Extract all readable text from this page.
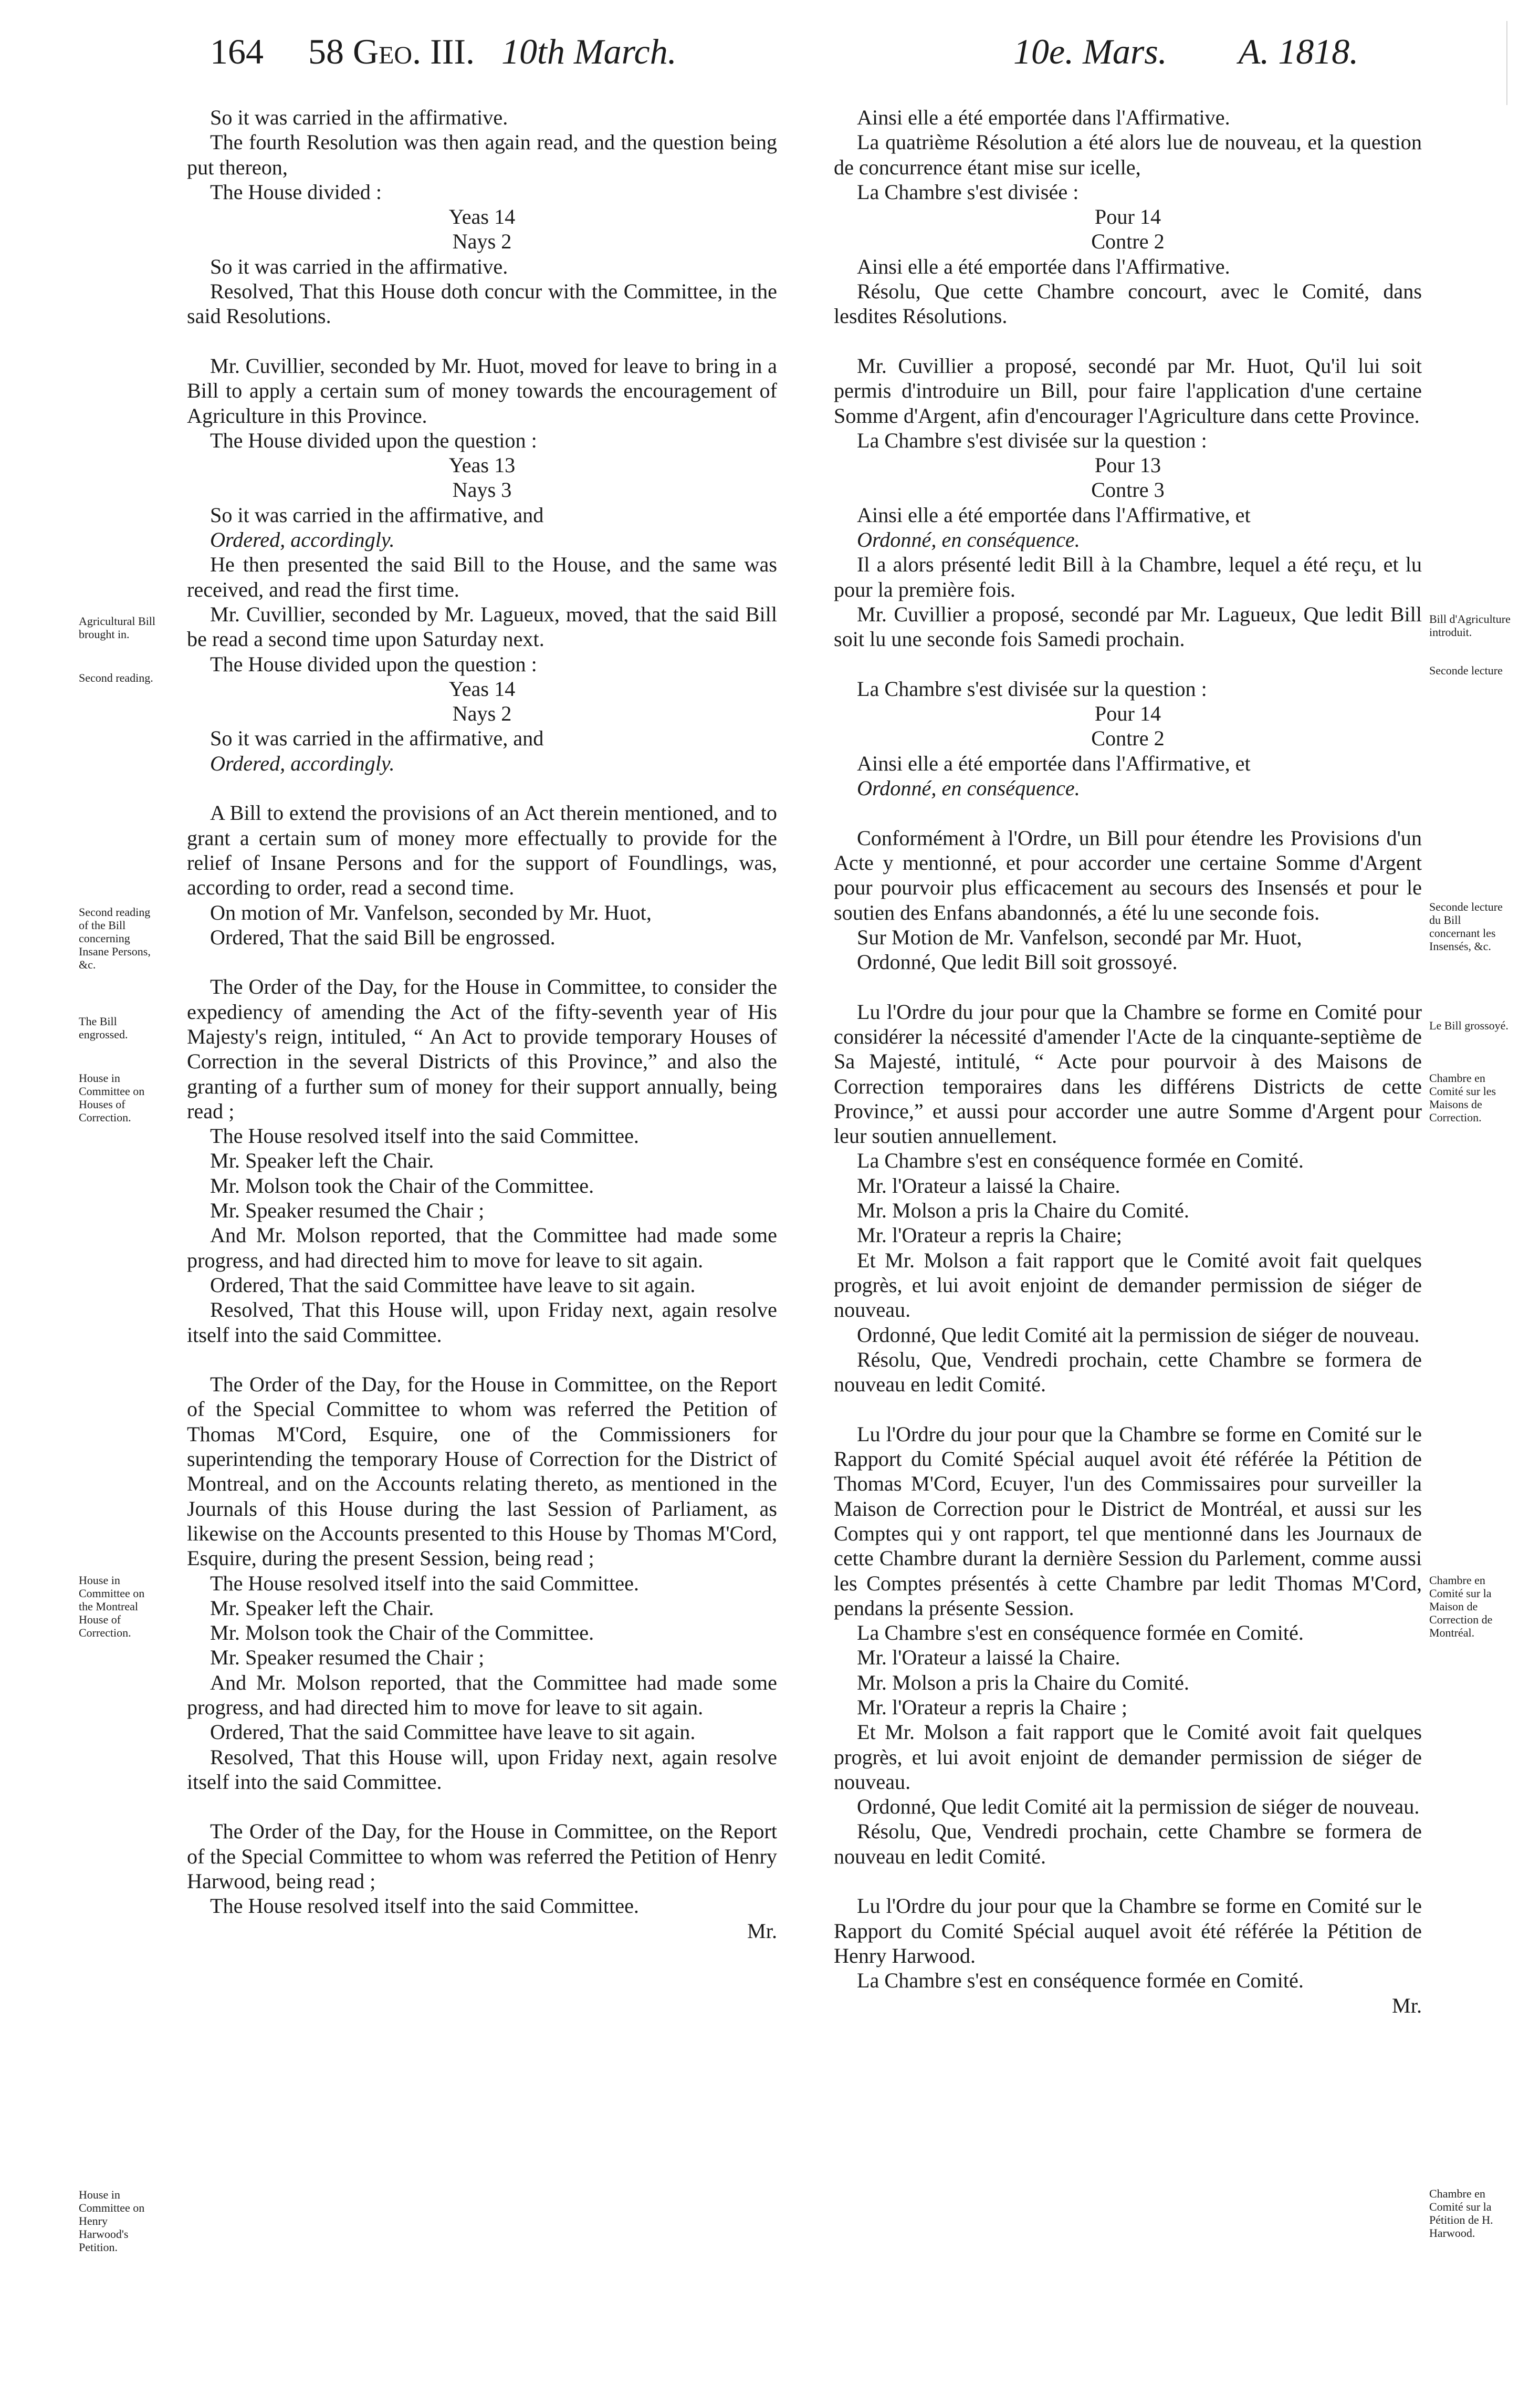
164 58 Geo. III. 10th March.	10e. Mars. A. 1818.

So it was carried in the affirmative.

The fourth Resolution was then again read, and the question being put thereon,

The House divided :

Yeas 14

Nays 2

So it was carried in the affirmative.

Resolved, That this House doth concur with the Committee, in the said Resolutions.

Mr. Cuvillier, seconded by Mr. Huot, moved for leave to bring in a Bill to apply a certain sum of money towards the encouragement of Agriculture in this Province.

The House divided upon the question :

Yeas 13

Nays 3

So it was carried in the affirmative, and

Ordered, accordingly.

He then presented the said Bill to the House, and the same was received, and read the first time.

Mr. Cuvillier, seconded by Mr. Lagueux, moved, that the said Bill be read a second time upon Saturday next.

The House divided upon the question :

Yeas 14

Nays 2

So it was carried in the affirmative, and

Ordered, accordingly.

A Bill to extend the provisions of an Act therein mentioned, and to grant a certain sum of money more effectually to provide for the relief of Insane Persons and for the support of Foundlings, was, according to order, read a second time.

On motion of Mr. Vanfelson, seconded by Mr. Huot,

Ordered, That the said Bill be engrossed.

The Order of the Day, for the House in Committee, to consider the expediency of amending the Act of the fifty-seventh year of His Majesty's reign, intituled, “ An Act to provide temporary Houses of Correction in the several Districts of this Province,” and also the granting of a further sum of money for their support annually, being read ;

The House resolved itself into the said Committee.

Mr. Speaker left the Chair.

Mr. Molson took the Chair of the Committee.

Mr. Speaker resumed the Chair ;

And Mr. Molson reported, that the Committee had made some progress, and had directed him to move for leave to sit again.

Ordered, That the said Committee have leave to sit again.

Resolved, That this House will, upon Friday next, again resolve itself into the said Committee.

The Order of the Day, for the House in Committee, on the Report of the Special Committee to whom was referred the Petition of Thomas M'Cord, Esquire, one of the Commissioners for superintending the temporary House of Correction for the District of Montreal, and on the Accounts relating thereto, as mentioned in the Journals of this House during the last Session of Parliament, as likewise on the Accounts presented to this House by Thomas M'Cord, Esquire, during the present Session, being read ;

The House resolved itself into the said Committee.

Mr. Speaker left the Chair.

Mr. Molson took the Chair of the Committee.

Mr. Speaker resumed the Chair ;

And Mr. Molson reported, that the Committee had made some progress, and had directed him to move for leave to sit again.

Ordered, That the said Committee have leave to sit again.

Resolved, That this House will, upon Friday next, again resolve itself into the said Committee.

The Order of the Day, for the House in Committee, on the Report of the Special Committee to whom was referred the Petition of Henry Harwood, being read ;

The House resolved itself into the said Committee.

Mr.

Ainsi elle a été emportée dans l'Affirmative.

La quatrième Résolution a été alors lue de nouveau, et la question de concurrence étant mise sur icelle,

La Chambre s'est divisée :

Pour 14

Contre 2

Ainsi elle a été emportée dans l'Affirmative.

Résolu, Que cette Chambre concourt, avec le Comité, dans lesdites Résolutions.

Mr. Cuvillier a proposé, secondé par Mr. Huot, Qu'il lui soit permis d'introduire un Bill, pour faire l'application d'une certaine Somme d'Argent, afin d'encourager l'Agriculture dans cette Province.

La Chambre s'est divisée sur la question :

Pour 13

Contre 3

Ainsi elle a été emportée dans l'Affirmative, et

Ordonné, en conséquence.

Il a alors présenté ledit Bill à la Chambre, lequel a été reçu, et lu pour la première fois.

Mr. Cuvillier a proposé, secondé par Mr. Lagueux, Que ledit Bill soit lu une seconde fois Samedi prochain.

La Chambre s'est divisée sur la question :

Pour 14

Contre 2

Ainsi elle a été emportée dans l'Affirmative, et

Ordonné, en conséquence.

Conformément à l'Ordre, un Bill pour étendre les Provisions d'un Acte y mentionné, et pour accorder une certaine Somme d'Argent pour pourvoir plus efficacement au secours des Insensés et pour le soutien des Enfans abandonnés, a été lu une seconde fois.

Sur Motion de Mr. Vanfelson, secondé par Mr. Huot,

Ordonné, Que ledit Bill soit grossoyé.

Lu l'Ordre du jour pour que la Chambre se forme en Comité pour considérer la nécessité d'amender l'Acte de la cinquante-septième de Sa Majesté, intitulé, “ Acte pour pourvoir à des Maisons de Correction temporaires dans les différens Districts de cette Province,” et aussi pour accorder une autre Somme d'Argent pour leur soutien annuellement.

La Chambre s'est en conséquence formée en Comité.

Mr. l'Orateur a laissé la Chaire.

Mr. Molson a pris la Chaire du Comité.

Mr. l'Orateur a repris la Chaire;

Et Mr. Molson a fait rapport que le Comité avoit fait quelques progrès, et lui avoit enjoint de demander permission de siéger de nouveau.

Ordonné, Que ledit Comité ait la permission de siéger de nouveau.

Résolu, Que, Vendredi prochain, cette Chambre se formera de nouveau en ledit Comité.

Lu l'Ordre du jour pour que la Chambre se forme en Comité sur le Rapport du Comité Spécial auquel avoit été référée la Pétition de Thomas M'Cord, Ecuyer, l'un des Commissaires pour surveiller la Maison de Correction pour le District de Montréal, et aussi sur les Comptes qui y ont rapport, tel que mentionné dans les Journaux de cette Chambre durant la dernière Session du Parlement, comme aussi les Comptes présentés à cette Chambre par ledit Thomas M'Cord, pendans la présente Session.

La Chambre s'est en conséquence formée en Comité.

Mr. l'Orateur a laissé la Chaire.

Mr. Molson a pris la Chaire du Comité.

Mr. l'Orateur a repris la Chaire ;

Et Mr. Molson a fait rapport que le Comité avoit fait quelques progrès, et lui avoit enjoint de demander permission de siéger de nouveau.

Ordonné, Que ledit Comité ait la permission de siéger de nouveau.

Résolu, Que, Vendredi prochain, cette Chambre se formera de nouveau en ledit Comité.

Lu l'Ordre du jour pour que la Chambre se forme en Comité sur le Rapport du Comité Spécial auquel avoit été référée la Pétition de Henry Harwood.

La Chambre s'est en conséquence formée en Comité.

Mr.

Agricultural Bill brought in.
Second reading.
Second reading of the Bill concerning Insane Persons, &c.
The Bill engrossed.
House in Committee on Houses of Correction.
House in Committee on the Montreal House of Correction.
House in Committee on Henry Harwood's Petition.
Bill d'Agriculture introduit.
Seconde lecture
Seconde lecture du Bill concernant les Insensés, &c.
Le Bill grossoyé.
Chambre en Comité sur les Maisons de Correction.
Chambre en Comité sur la Maison de Correction de Montréal.
Chambre en Comité sur la Pétition de H. Harwood.
